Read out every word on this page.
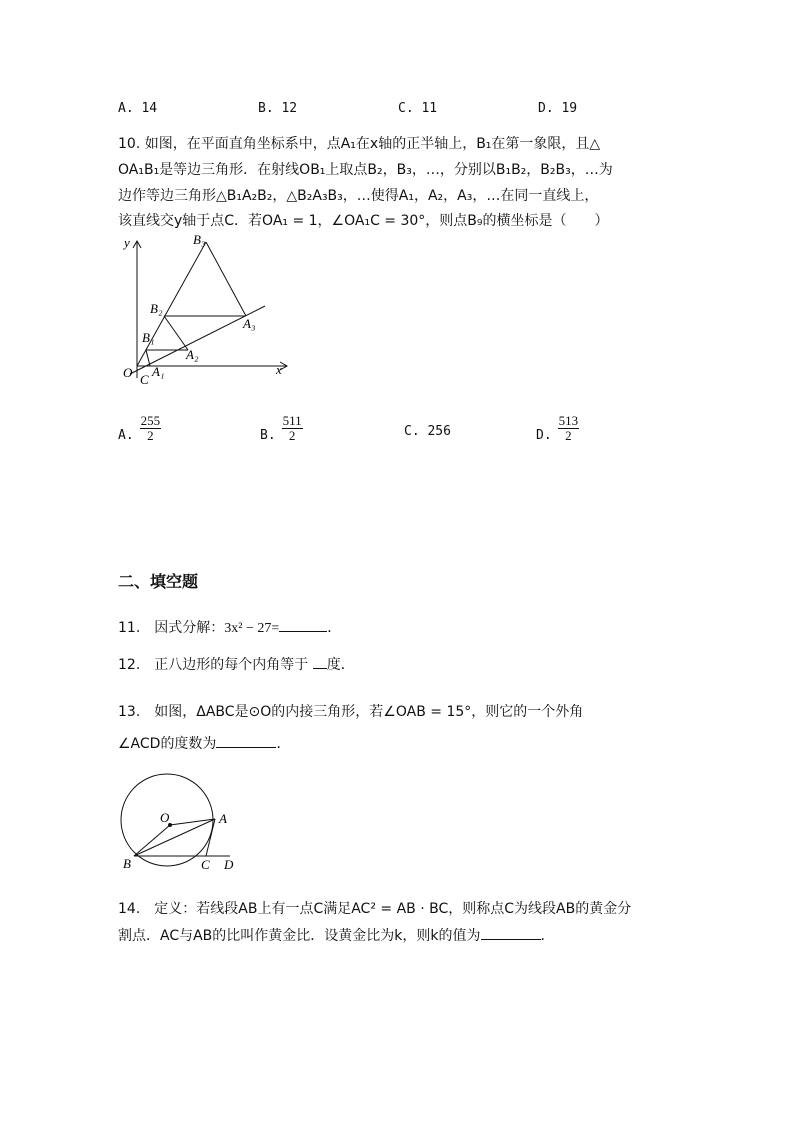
A. 14	B. 12	C. 11	D. 19
10. 如图，在平面直角坐标系中，点A₁在x轴的正半轴上，B₁在第一象限，且△
OA₁B₁是等边三角形．在射线OB₁上取点B₂，B₃，…，分别以B₁B₂，B₂B₃，…为
边作等边三角形△B₁A₂B₂，△B₂A₃B₃，…使得A₁，A₂，A₃，…在同一直线上，
该直线交y轴于点C．若OA₁ = 1，∠OA₁C = 30°，则点B₉的横坐标是（　　）
y
x
O C
A₁
A₂
A₃
B₁
B₂
B₃
A. $\frac{255}{2}$	B. $\frac{511}{2}$	C. 256	D. $\frac{513}{2}$
二、填空题
11.　因式分解：3x² − 27=	．
12.　正八边形的每个内角等于 度．
13.　如图，ΔABC是⊙O的内接三角形，若∠OAB = 15°，则它的一个外角
∠ACD的度数为	．
O	A
B	C D
14.　定义：若线段AB上有一点C满足AC² = AB · BC，则称点C为线段AB的黄金分
割点．AC与AB的比叫作黄金比．设黄金比为k，则k的值为	．
